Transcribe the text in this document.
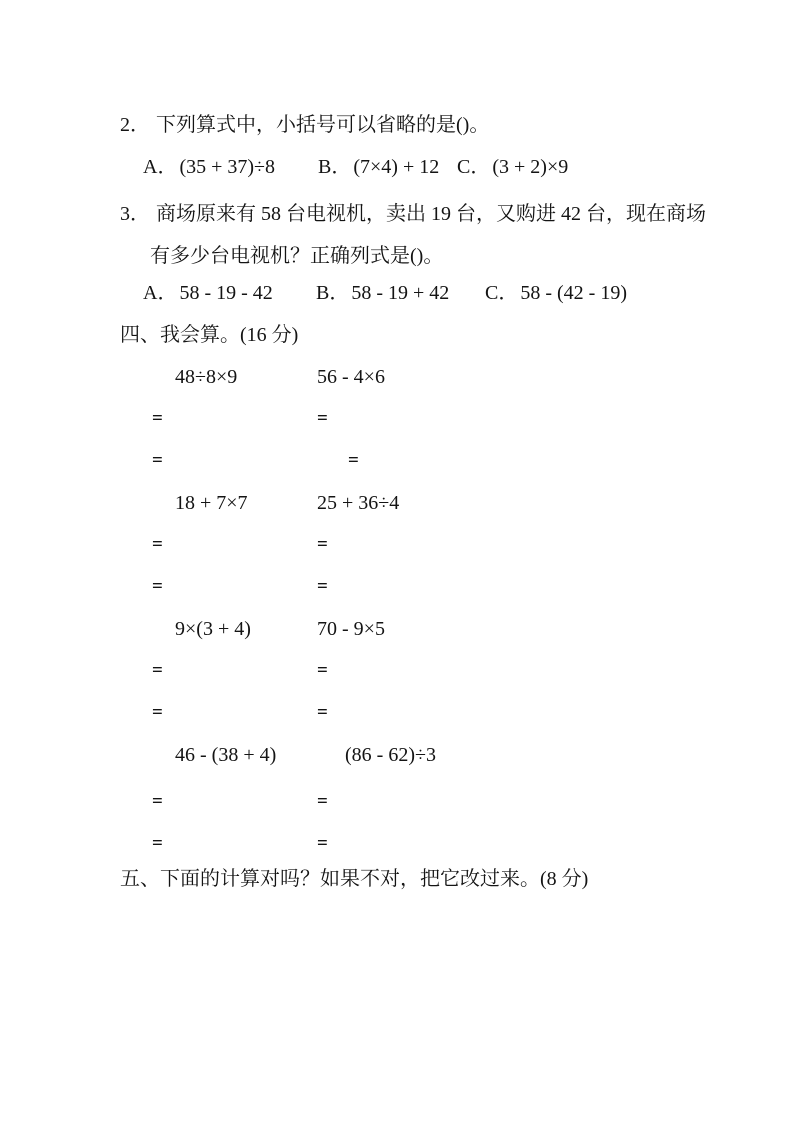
2． 下列算式中，小括号可以省略的是()。
A． (35 + 37)÷8	B． (7×4) + 12 C． (3 + 2)×9
3． 商场原来有 58 台电视机，卖出 19 台，又购进 42 台，现在商场
有多少台电视机？正确列式是()。
A． 58 - 19 - 42	B． 58 - 19 + 42	C． 58 - (42 - 19)
四、我会算。(16 分)
48÷8×9	56 - 4×6
=	=
=	=
18 + 7×7	25 + 36÷4
=	=
=	=
9×(3 + 4)	70 - 9×5
=	=
=	=
46 - (38 + 4)	(86 - 62)÷3
=	=
=	=
五、下面的计算对吗？如果不对，把它改过来。(8 分)
